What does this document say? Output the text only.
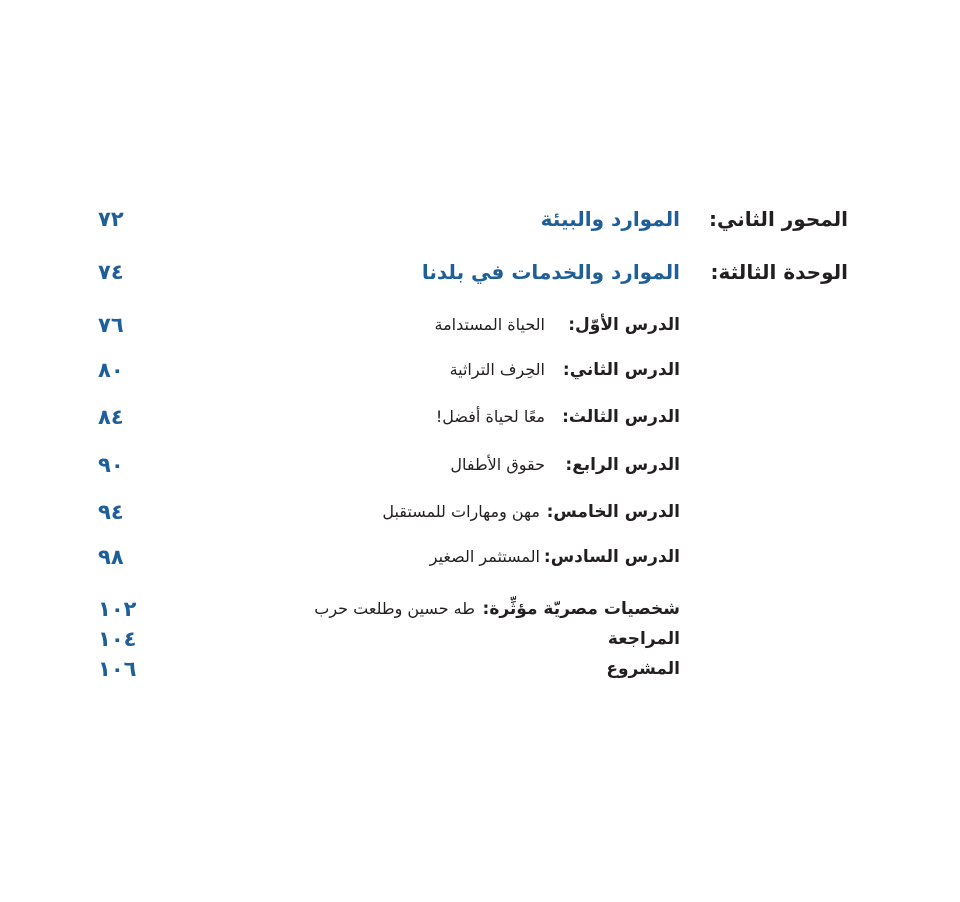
المحور الثاني:
الموارد والبيئة
٧٢
الوحدة الثالثة:
الموارد والخدمات في بلدنا
٧٤
الدرس الأوّل:
الحياة المستدامة
٧٦
الدرس الثاني:
الحِرف التراثية
٨٠
الدرس الثالث:
معًا لحياة أفضل!
٨٤
الدرس الرابع:
حقوق الأطفال
٩٠
الدرس الخامس:
مهن ومهارات للمستقبل
٩٤
الدرس السادس:
المستثمر الصغير
٩٨
شخصيات مصريّة مؤثِّرة:
طه حسين وطلعت حرب
١٠٢
المراجعة
١٠٤
المشروع
١٠٦
